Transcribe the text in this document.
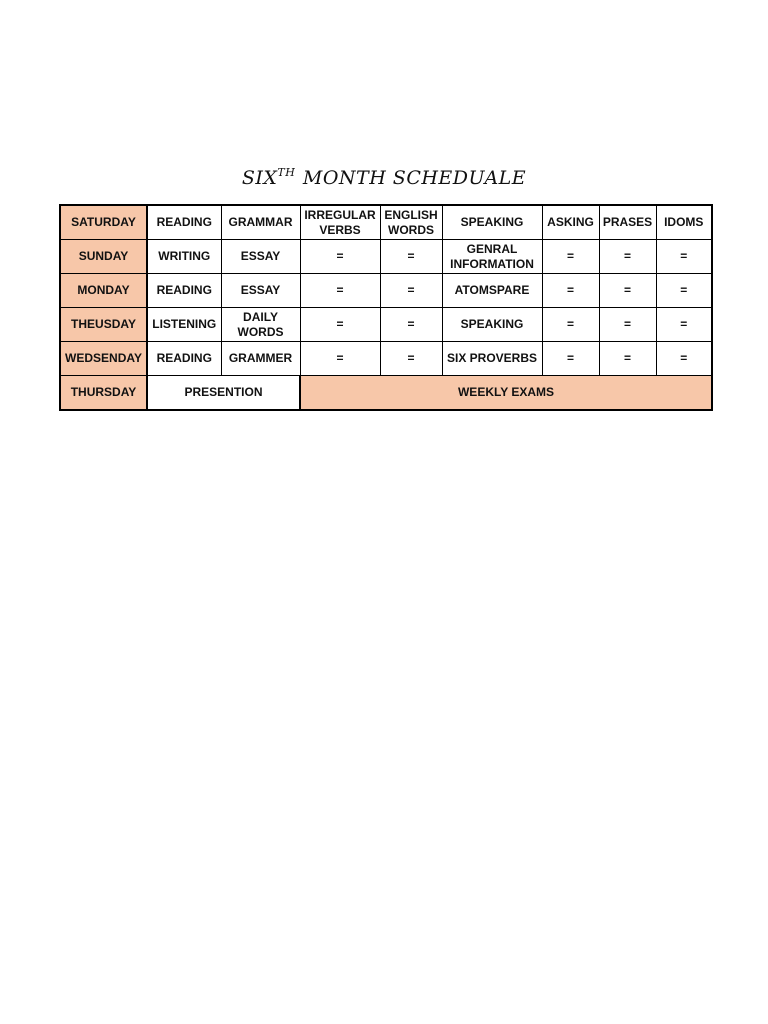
$SIX^{TH}$ MONTH SCHEDUALE
SATURDAY	READING	GRAMMAR	IRREGULAR VERBS	ENGLISH WORDS	SPEAKING	ASKING	PRASES	IDOMS
SUNDAY	WRITING	ESSAY	=	=	GENRAL INFORMATION	=	=	=
MONDAY	READING	ESSAY	=	=	ATOMSPARE	=	=	=
THEUSDAY	LISTENING	DAILY WORDS	=	=	SPEAKING	=	=	=
WEDSENDAY	READING	GRAMMER	=	=	SIX PROVERBS	=	=	=
THURSDAY	PRESENTION		WEEKLY EXAMS					
